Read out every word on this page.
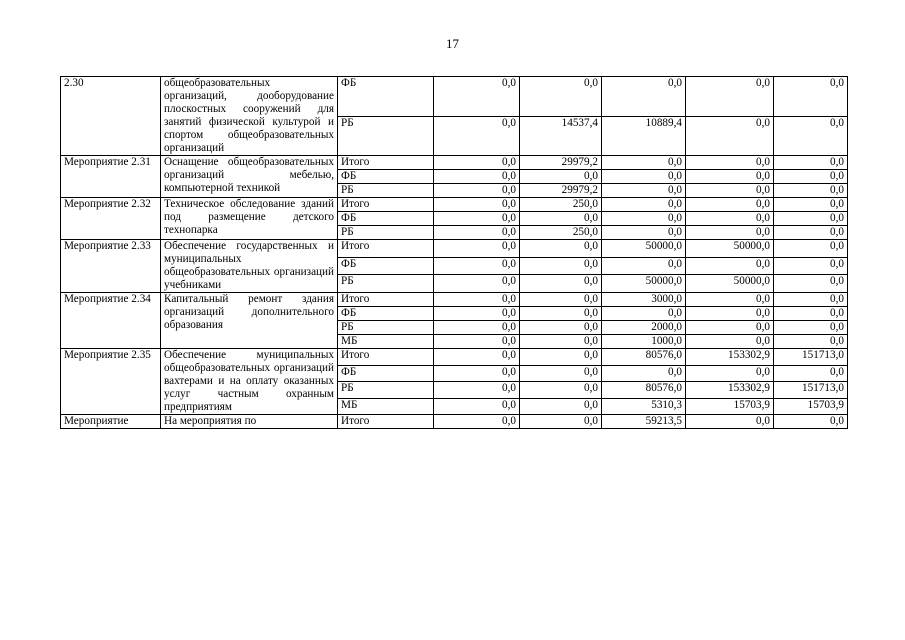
17
2.30	общеобразовательных организаций, дооборудование плоскостных сооружений для занятий физической культурой и спортом общеобразовательных организаций	ФБ	0,0	0,0	0,0	0,0	0,0
		РБ	0,0	14537,4	10889,4	0,0	0,0
Мероприятие 2.31	Оснащение общеобразовательных организаций мебелью, компьютерной техникой	Итого	0,0	29979,2	0,0	0,0	0,0
		ФБ	0,0	0,0	0,0	0,0	0,0
		РБ	0,0	29979,2	0,0	0,0	0,0
Мероприятие 2.32	Техническое обследование зданий под размещение детского технопарка	Итого	0,0	250,0	0,0	0,0	0,0
		ФБ	0,0	0,0	0,0	0,0	0,0
		РБ	0,0	250,0	0,0	0,0	0,0
Мероприятие 2.33	Обеспечение государственных и муниципальных общеобразовательных организаций учебниками	Итого	0,0	0,0	50000,0	50000,0	0,0
		ФБ	0,0	0,0	0,0	0,0	0,0
		РБ	0,0	0,0	50000,0	50000,0	0,0
Мероприятие 2.34	Капитальный ремонт здания организаций дополнительного образования	Итого	0,0	0,0	3000,0	0,0	0,0
		ФБ	0,0	0,0	0,0	0,0	0,0
		РБ	0,0	0,0	2000,0	0,0	0,0
		МБ	0,0	0,0	1000,0	0,0	0,0
Мероприятие 2.35	Обеспечение муниципальных общеобразовательных организаций вахтерами и на оплату оказанных услуг частным охранным предприятиям	Итого	0,0	0,0	80576,0	153302,9	151713,0
		ФБ	0,0	0,0	0,0	0,0	0,0
		РБ	0,0	0,0	80576,0	153302,9	151713,0
		МБ	0,0	0,0	5310,3	15703,9	15703,9
Мероприятие	На мероприятия по	Итого	0,0	0,0	59213,5	0,0	0,0
